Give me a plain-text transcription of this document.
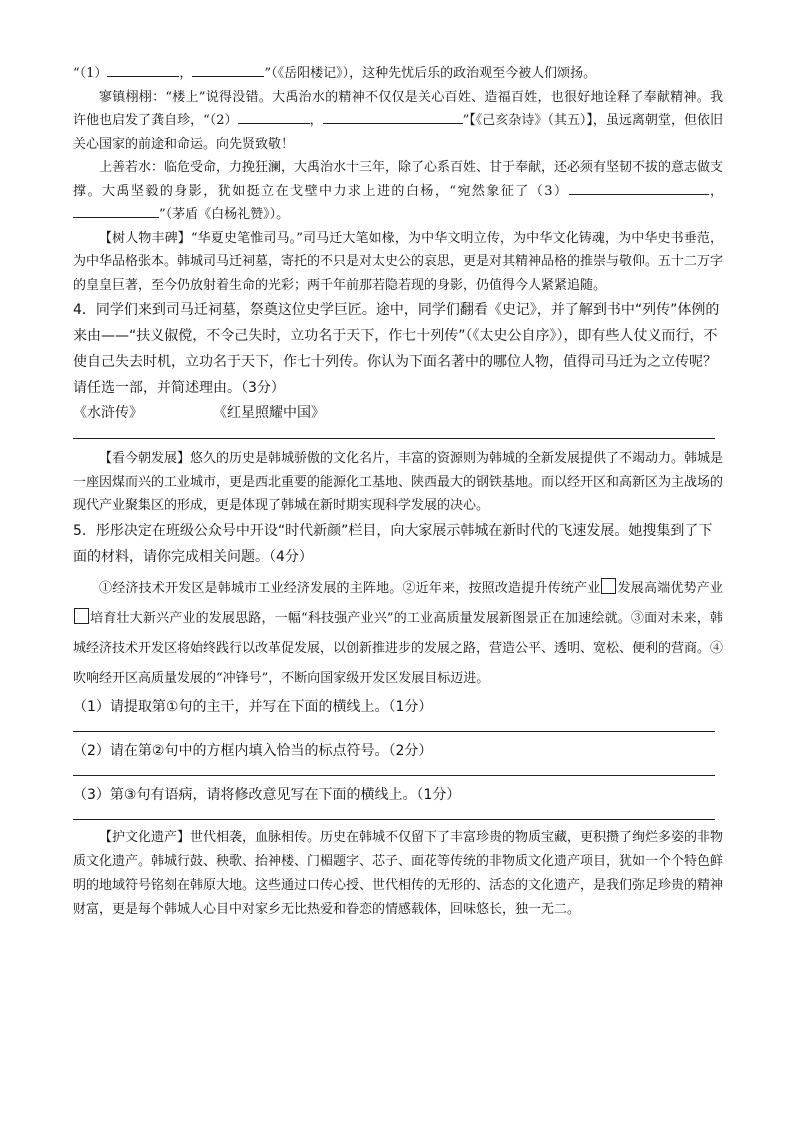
“（1）	，	”（《岳阳楼记》），这种先忧后乐的政治观至今被人们颂扬。

寥镇栩栩：“楼上”说得没错。大禹治水的精神不仅仅是关心百姓、造福百姓，也很好地诠释了奉献精神。我许他也启发了龚自珍，“（2）	，	”【《己亥杂诗》（其五）】，虽远离朝堂，但依旧关心国家的前途和命运。向先贤致敬！

上善若水：临危受命，力挽狂澜，大禹治水十三年，除了心系百姓、甘于奉献，还必须有坚韧不拔的意志做支撑。大禹坚毅的身影，犹如挺立在戈壁中力求上进的白杨，“宛然象征了（3）	，”（茅盾《白杨礼赞》）。

【树人物丰碑】“华夏史笔惟司马。”司马迁大笔如椽，为中华文明立传，为中华文化铸魂，为中华史书垂范，为中华品格张本。韩城司马迁祠墓，寄托的不只是对太史公的哀思，更是对其精神品格的推崇与敬仰。五十二万字的皇皇巨著，至今仍放射着生命的光彩；两千年前那若隐若现的身影，仍值得今人紧紧追随。

4．同学们来到司马迁祠墓，祭奠这位史学巨匠。途中，同学们翻看《史记》，并了解到书中“列传”体例的来由——“扶义俶傥，不令己失时，立功名于天下，作七十列传”（《太史公自序》），即有些人仗义而行，不使自己失去时机，立功名于天下，作七十列传。你认为下面名著中的哪位人物，值得司马迁为之立传呢？请任选一部，并简述理由。（3分）

《水浒传》	《红星照耀中国》

【看今朝发展】悠久的历史是韩城骄傲的文化名片，丰富的资源则为韩城的全新发展提供了不竭动力。韩城是一座因煤而兴的工业城市，更是西北重要的能源化工基地、陕西最大的钢铁基地。而以经开区和高新区为主战场的现代产业聚集区的形成，更是体现了韩城在新时期实现科学发展的决心。

5．彤彤决定在班级公众号中开设“时代新颜”栏目，向大家展示韩城在新时代的飞速发展。她搜集到了下面的材料，请你完成相关问题。（4分）

①经济技术开发区是韩城市工业经济发展的主阵地。②近年来，按照改造提升传统产业 发展高端优势产业培育壮大新兴产业的发展思路，一幅“科技强产业兴”的工业高质量发展新图景正在加速绘就。③面对未来，韩城经济技术开发区将始终践行以改革促发展，以创新推进步的发展之路，营造公平、透明、宽松、便利的营商。④吹响经开区高质量发展的“冲锋号”，不断向国家级开发区发展目标迈进。

（1）请提取第①句的主干，并写在下面的横线上。（1分）

（2）请在第②句中的方框内填入恰当的标点符号。（2分）

（3）第③句有语病，请将修改意见写在下面的横线上。（1分）

【护文化遗产】世代相袭，血脉相传。历史在韩城不仅留下了丰富珍贵的物质宝藏，更积攒了绚烂多姿的非物质文化遗产。韩城行鼓、秧歌、抬神楼、门楣题字、芯子、面花等传统的非物质文化遗产项目，犹如一个个特色鲜明的地域符号铭刻在韩原大地。这些通过口传心授、世代相传的无形的、活态的文化遗产，是我们弥足珍贵的精神财富，更是每个韩城人心目中对家乡无比热爱和眷恋的情感载体，回味悠长，独一无二。
